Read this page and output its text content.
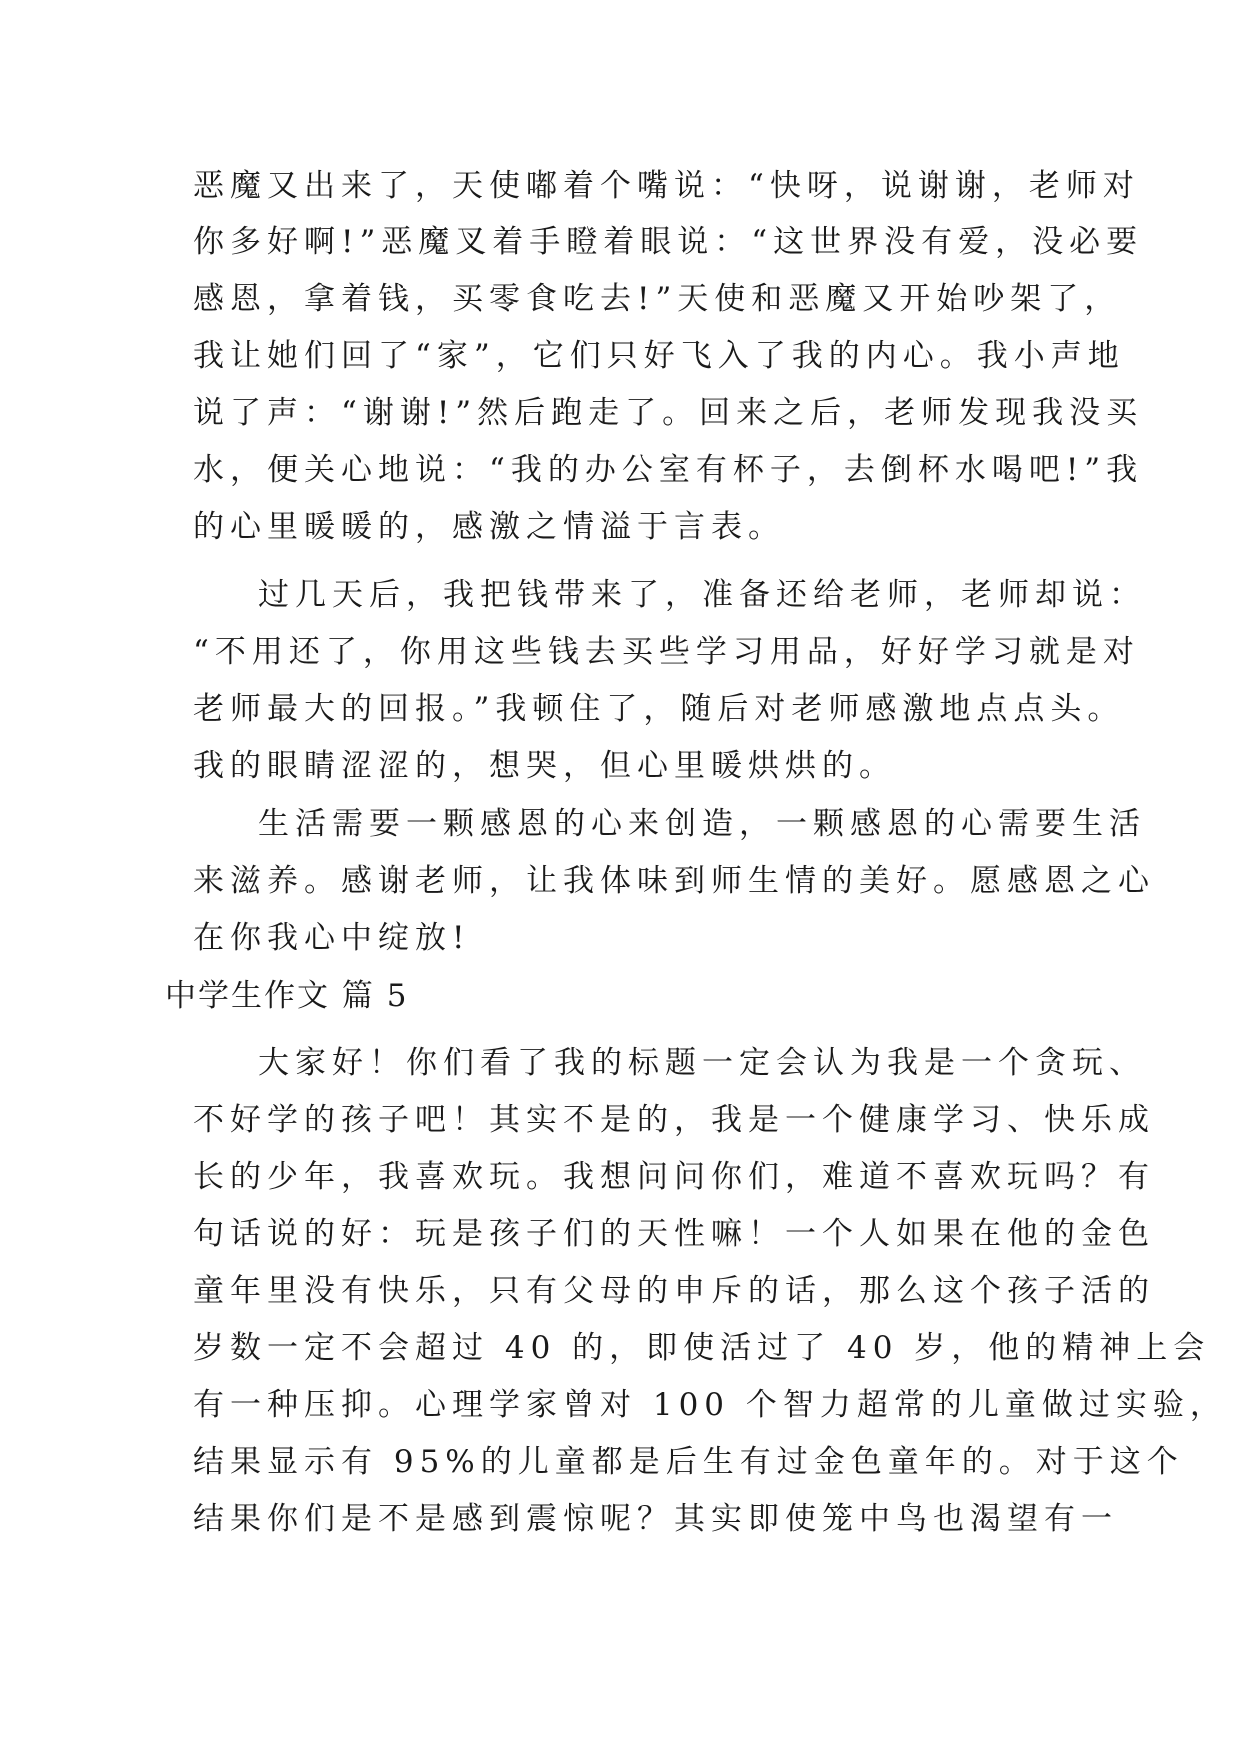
恶魔又出来了，天使嘟着个嘴说：“快呀，说谢谢，老师对
你多好啊!”恶魔叉着手瞪着眼说：“这世界没有爱，没必要
感恩，拿着钱，买零食吃去!”天使和恶魔又开始吵架了，
我让她们回了“家”，它们只好飞入了我的内心。我小声地
说了声：“谢谢!”然后跑走了。回来之后，老师发现我没买
水，便关心地说：“我的办公室有杯子，去倒杯水喝吧!”我
的心里暖暖的，感激之情溢于言表。
过几天后，我把钱带来了，准备还给老师，老师却说：
“不用还了，你用这些钱去买些学习用品，好好学习就是对
老师最大的回报。”我顿住了，随后对老师感激地点点头。
我的眼睛涩涩的，想哭，但心里暖烘烘的。
生活需要一颗感恩的心来创造，一颗感恩的心需要生活
来滋养。感谢老师，让我体味到师生情的美好。愿感恩之心
在你我心中绽放!
中学生作文 篇 5
大家好！你们看了我的标题一定会认为我是一个贪玩、
不好学的孩子吧！其实不是的，我是一个健康学习、快乐成
长的少年，我喜欢玩。我想问问你们，难道不喜欢玩吗？有
句话说的好：玩是孩子们的天性嘛！一个人如果在他的金色
童年里没有快乐，只有父母的申斥的话，那么这个孩子活的
岁数一定不会超过 40 的，即使活过了 40 岁，他的精神上会
有一种压抑。心理学家曾对 100 个智力超常的儿童做过实验，
结果显示有 95%的儿童都是后生有过金色童年的。对于这个
结果你们是不是感到震惊呢？其实即使笼中鸟也渴望有一
